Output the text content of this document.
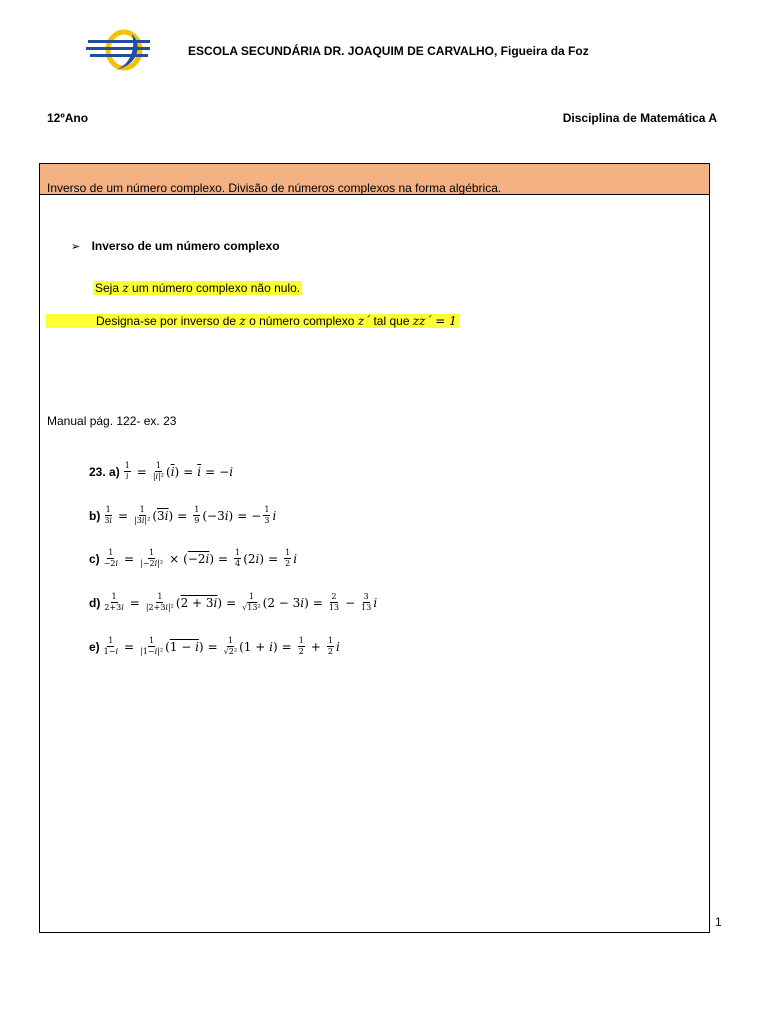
ESCOLA SECUNDÁRIA DR. JOAQUIM DE CARVALHO, Figueira da Foz
12ºAno	Disciplina de Matemática A
Inverso de um número complexo. Divisão de números complexos na forma algébrica.
➢ Inverso de um número complexo
Seja z um número complexo não nulo.
Designa-se por inverso de z o número complexo z´ tal que zz´ = 1
Manual pág. 122- ex. 23
23. $a) \frac{1}{i} = \frac{1}{\text{|i|²}} (\overline{i}) = \overline{i} = -i$
$b) \frac{1}{3i} = \frac{1}{\text{|3i|²}} (3i) = \frac{1}{9} (-3i)$ = − $\frac{1}{3}$ i
$c) \frac{1}{-2i} = \frac{1}{\text{|−2i|²}} \times (-2i) = \frac{1}{4} (2i) = \frac{1}{2}$ i
$d) \frac{1}{2+3i} = \frac{1}{\text{|2+3i|²}} (2 + 3i) = \frac{1}{\text{√13²}} (2 - 3i) = \frac{2}{13} - \frac{3}{13}$ i
$e) \frac{1}{1-i} = \frac{1}{\text{|1−i|²}} (1 - i) = \frac{1}{\text{√2²}} (1 + i) = \frac{1}{2} + \frac{1}{2}$ i
1
